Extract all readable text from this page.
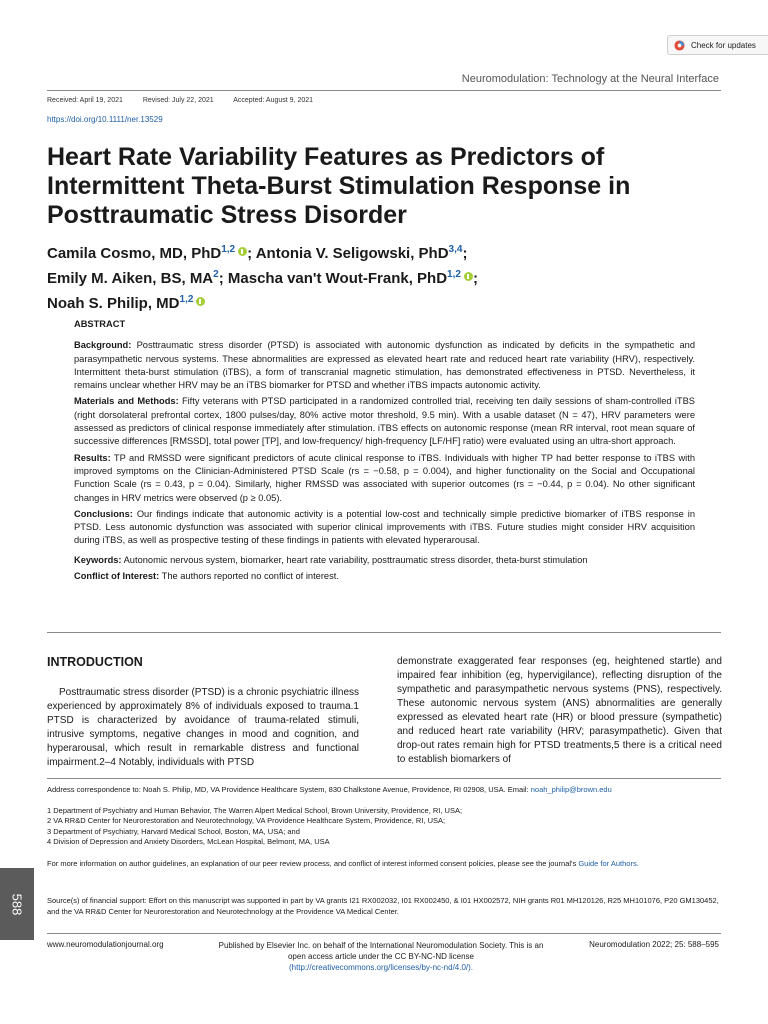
Check for updates
Neuromodulation: Technology at the Neural Interface
Received: April 19, 2021	Revised: July 22, 2021	Accepted: August 9, 2021
https://doi.org/10.1111/ner.13529
Heart Rate Variability Features as Predictors of Intermittent Theta-Burst Stimulation Response in Posttraumatic Stress Disorder
Camila Cosmo, MD, PhD$^{1,2}$ ; Antonia V. Seligowski, PhD$^{3,4}$;
Emily M. Aiken, BS, $MA^2$; Mascha van't Wout-Frank, PhD$^{1,2}$ ;
Noah S. Philip, MD$^{1,2}$
ABSTRACT

Background: Posttraumatic stress disorder (PTSD) is associated with autonomic dysfunction as indicated by deficits in the sympathetic and parasympathetic nervous systems. These abnormalities are expressed as elevated heart rate and reduced heart rate variability (HRV), respectively. Intermittent theta-burst stimulation (iTBS), a form of transcranial magnetic stimulation, has demonstrated effectiveness in PTSD. Nevertheless, it remains unclear whether HRV may be an iTBS biomarker for PTSD and whether iTBS impacts autonomic activity.

Materials and Methods: Fifty veterans with PTSD participated in a randomized controlled trial, receiving ten daily sessions of sham-controlled iTBS (right dorsolateral prefrontal cortex, 1800 pulses/day, 80% active motor threshold, 9.5 min). With a usable dataset (N = 47), HRV parameters were assessed as predictors of clinical response immediately after stimulation. iTBS effects on autonomic response (mean RR interval, root mean square of successive differences [RMSSD], total power [TP], and low-frequency/ high-frequency [LF/HF] ratio) were evaluated using an ultra-short approach.

Results: TP and RMSSD were significant predictors of acute clinical response to iTBS. Individuals with higher TP had better response to iTBS with improved symptoms on the Clinician-Administered PTSD Scale (rs = −0.58, p = 0.004), and higher functionality on the Social and Occupational Function Scale (rs = 0.43, p = 0.04). Similarly, higher RMSSD was associated with superior outcomes (rs = −0.44, p = 0.04). No other significant changes in HRV metrics were observed (p ≥ 0.05).

Conclusions: Our findings indicate that autonomic activity is a potential low-cost and technically simple predictive biomarker of iTBS response in PTSD. Less autonomic dysfunction was associated with superior clinical improvements with iTBS. Future studies might consider HRV acquisition during iTBS, as well as prospective testing of these findings in patients with elevated hyperarousal.

Keywords: Autonomic nervous system, biomarker, heart rate variability, posttraumatic stress disorder, theta-burst stimulation

Conflict of Interest: The authors reported no conflict of interest.

INTRODUCTION

Posttraumatic stress disorder (PTSD) is a chronic psychiatric illness experienced by approximately 8% of individuals exposed to trauma.1 PTSD is characterized by avoidance of trauma-related stimuli, intrusive symptoms, negative changes in mood and cognition, and hyperarousal, which result in remarkable distress and functional impairment.2–4 Notably, individuals with PTSD

demonstrate exaggerated fear responses (eg, heightened startle) and impaired fear inhibition (eg, hypervigilance), reflecting disruption of the sympathetic and parasympathetic nervous systems (PNS), respectively. These autonomic nervous system (ANS) abnormalities are generally expressed as elevated heart rate (HR) or blood pressure (sympathetic) and reduced heart rate variability (HRV; parasympathetic). Given that drop-out rates remain high for PTSD treatments,5 there is a critical need to establish biomarkers of

Address correspondence to: Noah S. Philip, MD, VA Providence Healthcare System, 830 Chalkstone Avenue, Providence, RI 02908, USA. Email: noah_philip@brown.edu

1 Department of Psychiatry and Human Behavior, The Warren Alpert Medical School, Brown University, Providence, RI, USA;

2 VA RR&D Center for Neurorestoration and Neurotechnology, VA Providence Healthcare System, Providence, RI, USA;

3 Department of Psychiatry, Harvard Medical School, Boston, MA, USA; and

4 Division of Depression and Anxiety Disorders, McLean Hospital, Belmont, MA, USA

For more information on author guidelines, an explanation of our peer review process, and conflict of interest informed consent policies, please see the journal's Guide for Authors.
Source(s) of financial support: Effort on this manuscript was supported in part by VA grants I21 RX002032, I01 RX002450, & I01 HX002572, NIH grants R01 MH120126, R25 MH101076, P20 GM130452, and the VA RR&D Center for Neurorestoration and Neurotechnology at the Providence VA Medical Center.
www.neuromodulationjournal.org	Published by Elsevier Inc. on behalf of the International Neuromodulation Society. This is an open access article under the CC BY-NC-ND license
(http://creativecommons.org/licenses/by-nc-nd/4.0/).
Neuromodulation 2022; 25: 588–595
588
